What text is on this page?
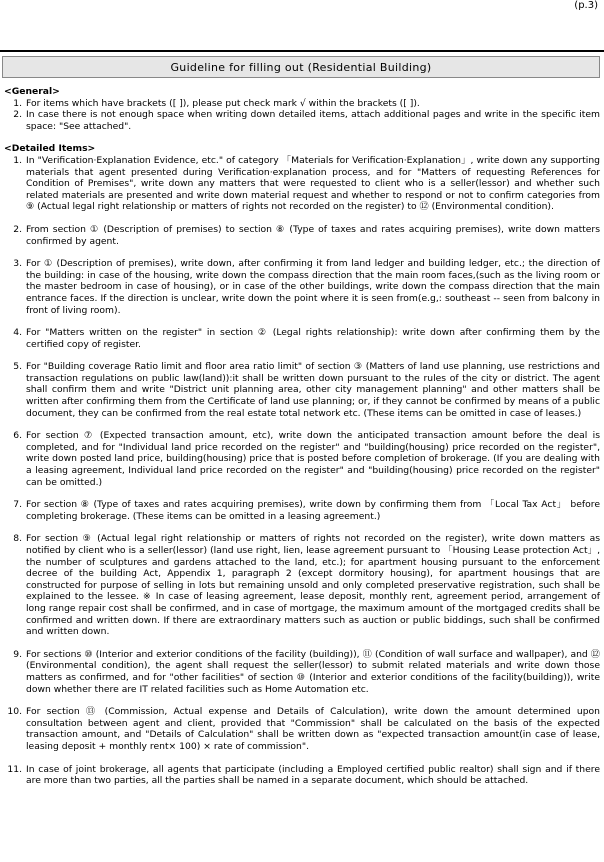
(p.3)
Guideline for filling out (Residential Building)

<General>

1. For items which have brackets ([ ]), please put check mark √ within the brackets ([ ]).
2. In case there is not enough space when writing down detailed items, attach additional pages and write in the specific item space: "See attached".

<Detailed Items>

1. In "Verification·Explanation Evidence, etc." of category 「Materials for Verification·Explanation」, write down any supporting materials that agent presented during Verification·explanation process, and for "Matters of requesting References for Condition of Premises", write down any matters that were requested to client who is a seller(lessor) and whether such related materials are presented and write down material request and whether to respond or not to confirm categories from ⑨ (Actual legal right relationship or matters of rights not recorded on the register) to ⑫ (Environmental condition).
2. From section ① (Description of premises) to section ⑧ (Type of taxes and rates acquiring premises), write down matters confirmed by agent.
3. For ① (Description of premises), write down, after confirming it from land ledger and building ledger, etc.; the direction of the building: in case of the housing, write down the compass direction that the main room faces,(such as the living room or the master bedroom in case of housing), or in case of the other buildings, write down the compass direction that the main entrance faces. If the direction is unclear, write down the point where it is seen from(e.g,: southeast -- seen from balcony in front of living room).
4. For "Matters written on the register" in section ② (Legal rights relationship): write down after confirming them by the certified copy of register.
5. For "Building coverage Ratio limit and floor area ratio limit" of section ③ (Matters of land use planning, use restrictions and transaction regulations on public law(land)):it shall be written down pursuant to the rules of the city or district. The agent shall confirm them and write "District unit planning area, other city management planning" and other matters shall be written after confirming them from the Certificate of land use planning; or, if they cannot be confirmed by means of a public document, they can be confirmed from the real estate total network etc. (These items can be omitted in case of leases.)
6. For section ⑦ (Expected transaction amount, etc), write down the anticipated transaction amount before the deal is completed, and for "Individual land price recorded on the register" and "building(housing) price recorded on the register", write down posted land price, building(housing) price that is posted before completion of brokerage. (If you are dealing with a leasing agreement, Individual land price recorded on the register" and "building(housing) price recorded on the register" can be omitted.)
7. For section ⑧ (Type of taxes and rates acquiring premises), write down by confirming them from 「Local Tax Act」 before completing brokerage. (These items can be omitted in a leasing agreement.)
8. For section ⑨ (Actual legal right relationship or matters of rights not recorded on the register), write down matters as notified by client who is a seller(lessor) (land use right, lien, lease agreement pursuant to 「Housing Lease protection Act」, the number of sculptures and gardens attached to the land, etc.); for apartment housing pursuant to the enforcement decree of the building Act, Appendix 1, paragraph 2 (except dormitory housing), for apartment housings that are constructed for purpose of selling in lots but remaining unsold and only completed preservative registration, such shall be explained to the lessee. ※ In case of leasing agreement, lease deposit, monthly rent, agreement period, arrangement of long range repair cost shall be confirmed, and in case of mortgage, the maximum amount of the mortgaged credits shall be confirmed and written down. If there are extraordinary matters such as auction or public biddings, such shall be confirmed and written down.
9. For sections ⑩ (Interior and exterior conditions of the facility (building)), ⑪ (Condition of wall surface and wallpaper), and ⑫ (Environmental condition), the agent shall request the seller(lessor) to submit related materials and write down those matters as confirmed, and for "other facilities" of section ⑩ (Interior and exterior conditions of the facility(building)), write down whether there are IT related facilities such as Home Automation etc.
10. For section ⑬ (Commission, Actual expense and Details of Calculation), write down the amount determined upon consultation between agent and client, provided that "Commission" shall be calculated on the basis of the expected transaction amount, and "Details of Calculation" shall be written down as "expected transaction amount(in case of lease, leasing deposit + monthly rent× 100) × rate of commission".
11. In case of joint brokerage, all agents that participate (including a Employed certified public realtor) shall sign and if there are more than two parties, all the parties shall be named in a separate document, which should be attached.
